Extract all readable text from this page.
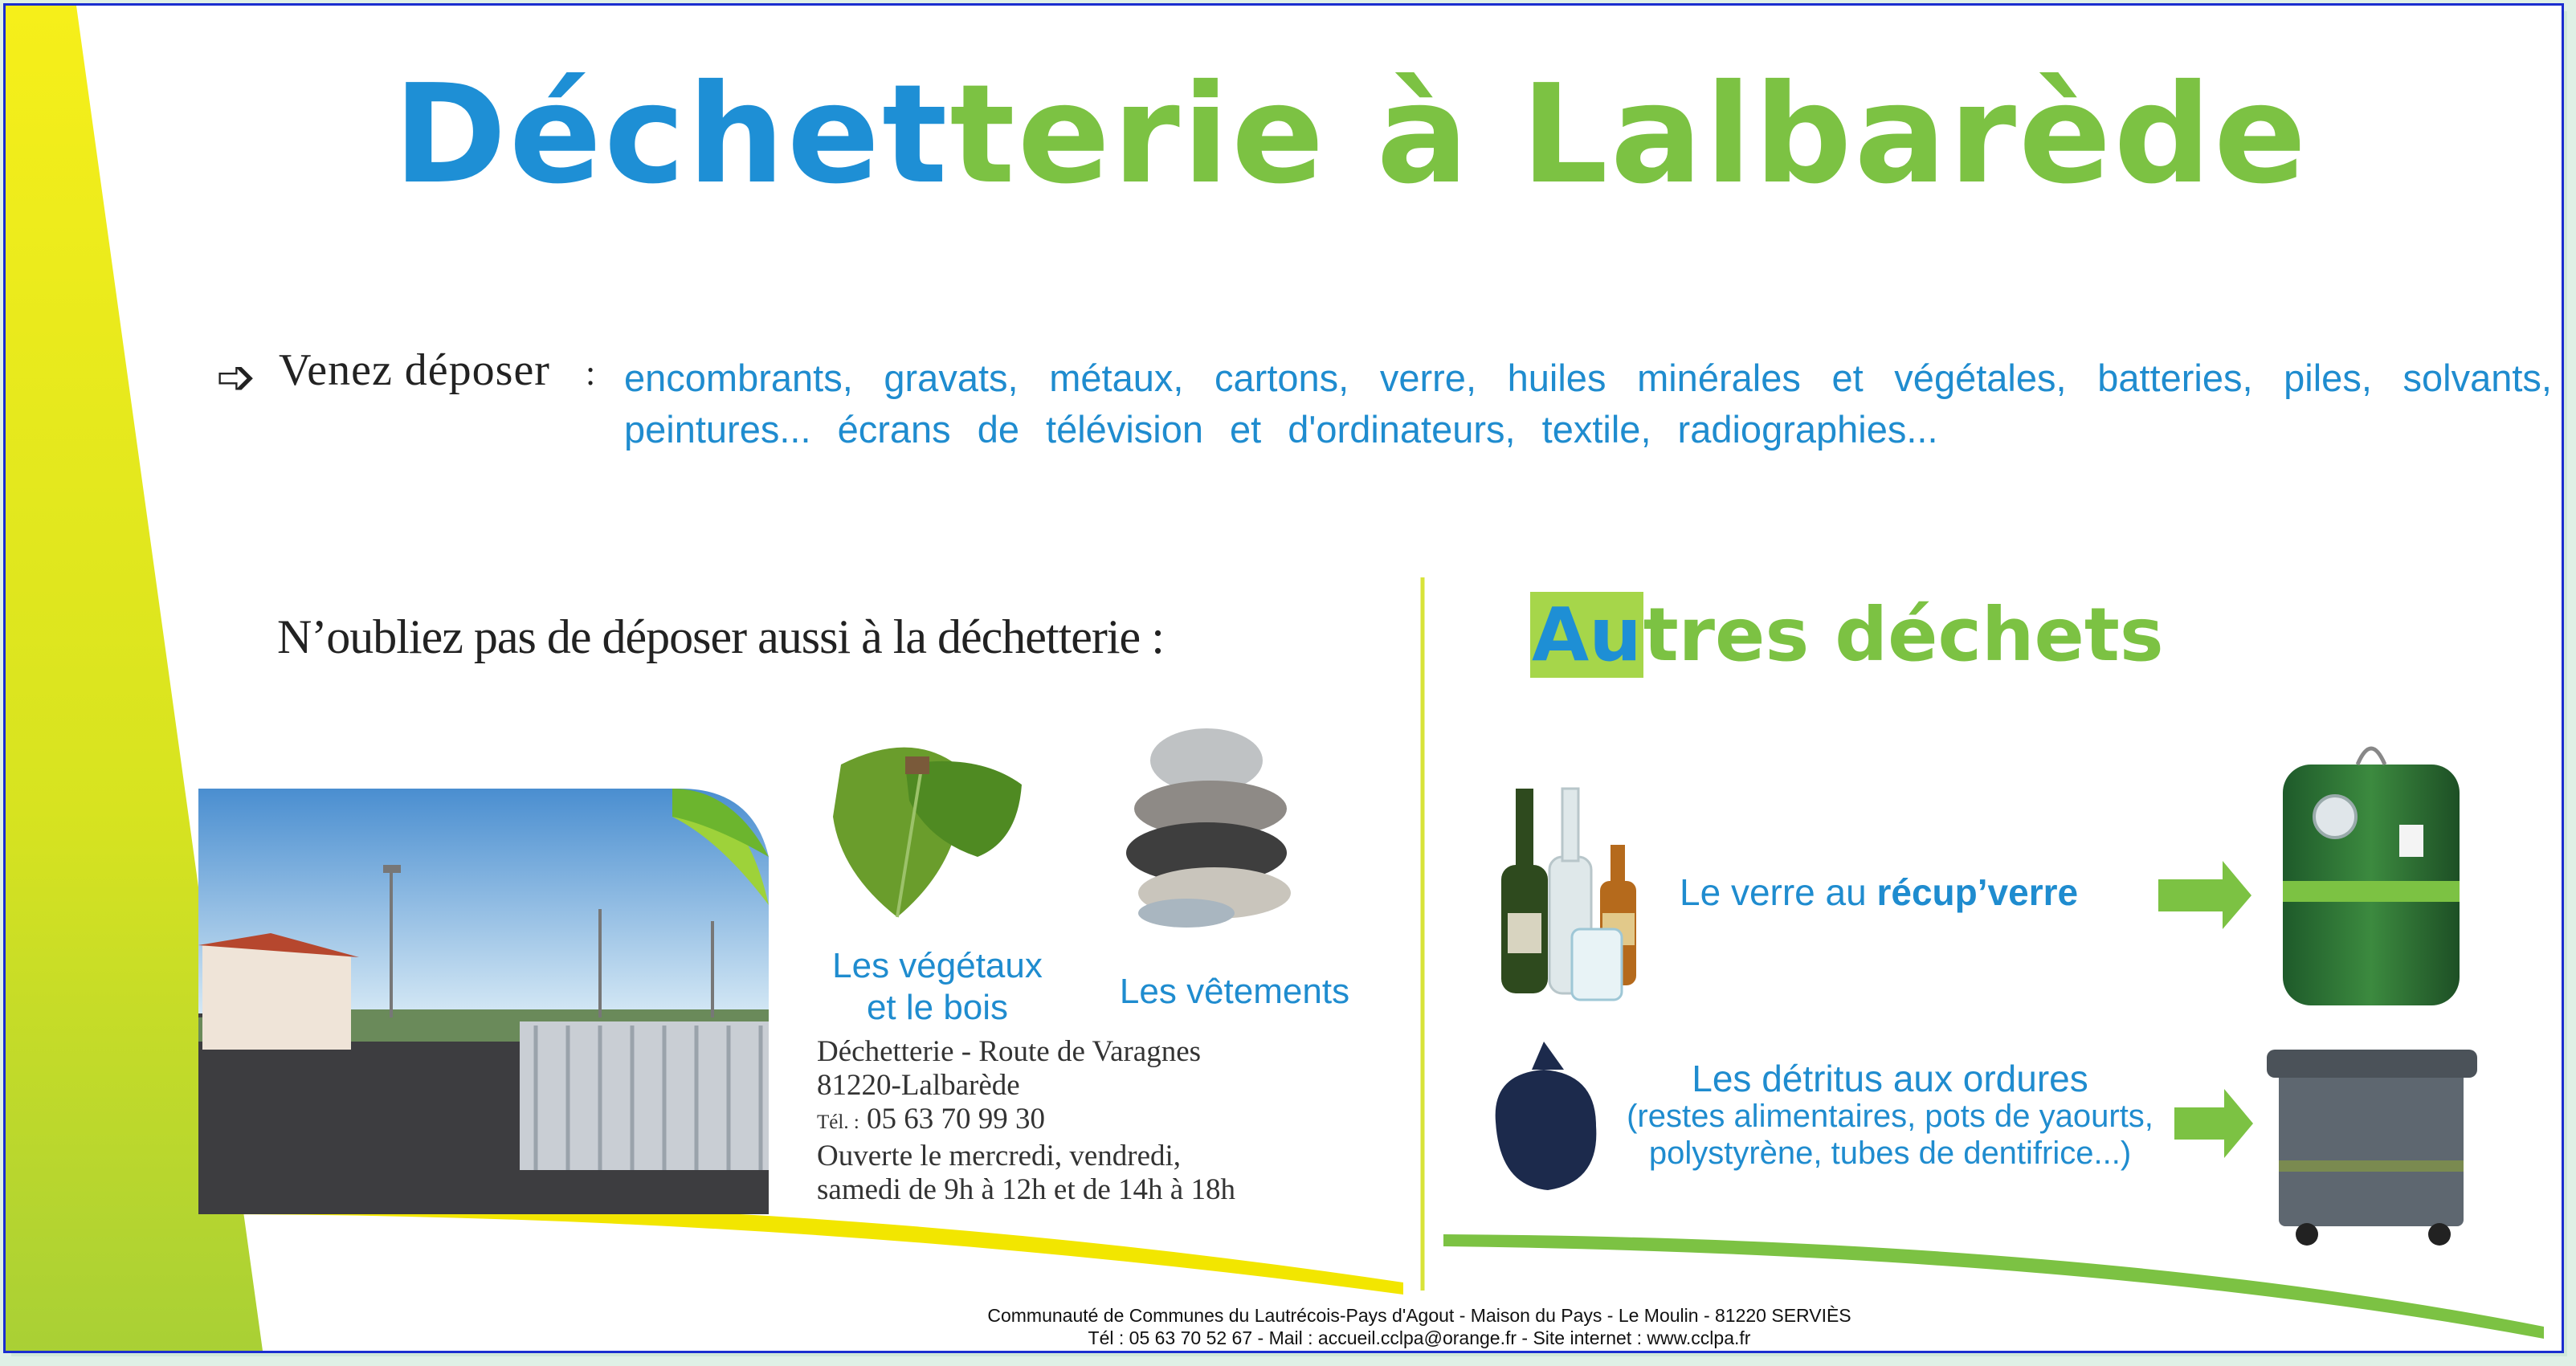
Déchetterie à Lalbarède
➩ Venez déposer : encombrants, gravats, métaux, cartons, verre, huiles minérales et végétales, batteries, piles, solvants,
peintures... écrans de télévision et d'ordinateurs, textile, radiographies...
N’oubliez pas de déposer aussi à la déchetterie :	Autres déchets
Les végétaux
et le bois	Les vêtements
Déchetterie - Route de Varagnes
81220-Lalbarède
Tél. : 05 63 70 99 30
Ouverte le mercredi, vendredi,
samedi de 9h à 12h et de 14h à 18h
Le verre au récup’verre
Les détritus aux ordures
(restes alimentaires, pots de yaourts,
polystyrène, tubes de dentifrice...)
Communauté de Communes du Lautrécois-Pays d'Agout - Maison du Pays - Le Moulin - 81220 SERVIÈS
Tél : 05 63 70 52 67 - Mail : accueil.cclpa@orange.fr - Site internet : www.cclpa.fr
